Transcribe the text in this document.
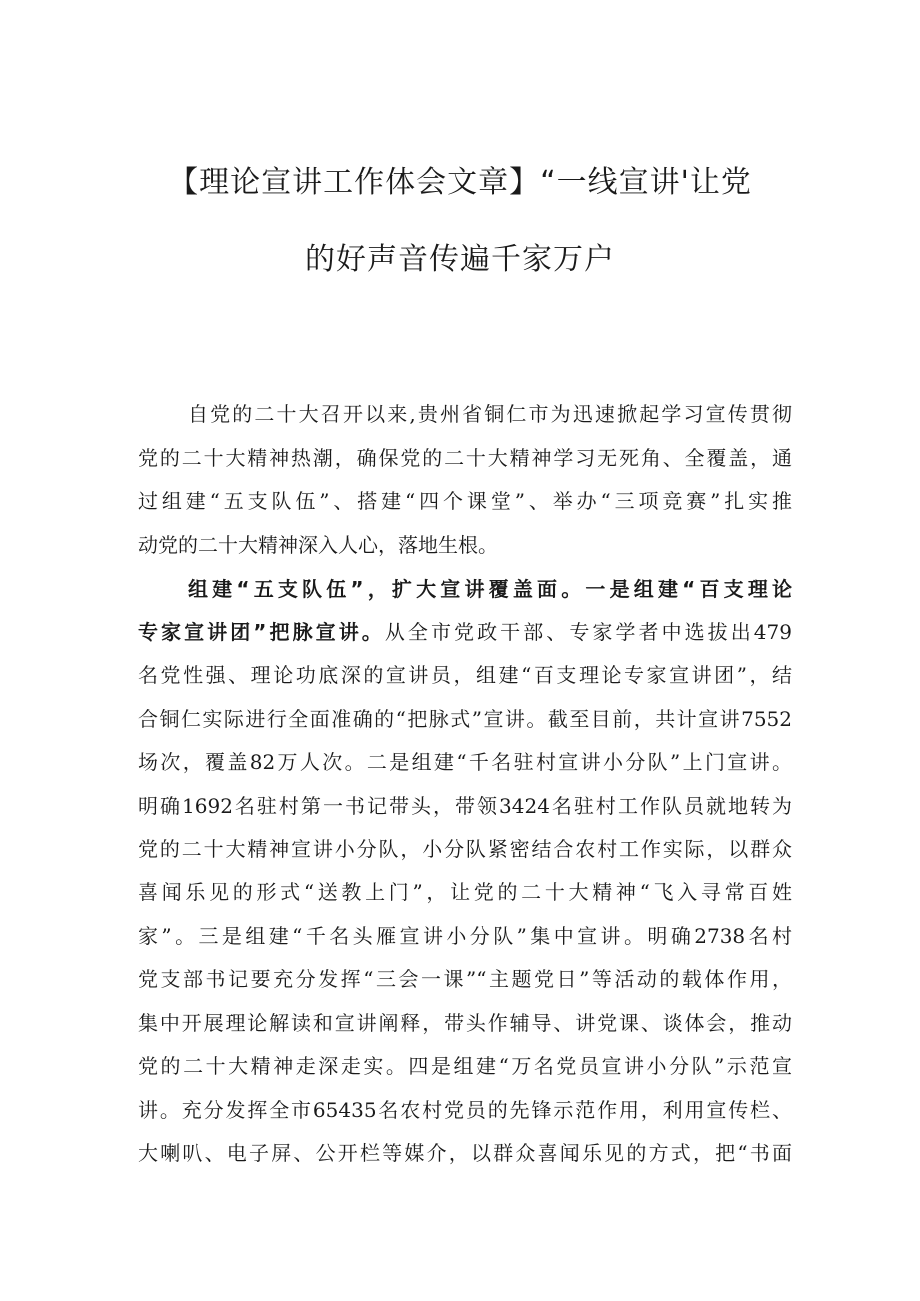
【理论宣讲工作体会文章】“一线宣讲'让党
的好声音传遍千家万户
自党的二十大召开以来,贵州省铜仁市为迅速掀起学习宣传贯彻
党的二十大精神热潮，确保党的二十大精神学习无死角、全覆盖，通
过组建“五支队伍”、搭建“四个课堂”、举办“三项竞赛”扎实推
动党的二十大精神深入人心，落地生根。
组建“五支队伍”，扩大宣讲覆盖面。一是组建“百支理论
专家宣讲团”把脉宣讲。从全市党政干部、专家学者中选拔出479
名党性强、理论功底深的宣讲员，组建“百支理论专家宣讲团”，结
合铜仁实际进行全面准确的“把脉式”宣讲。截至目前，共计宣讲7552
场次，覆盖82万人次。二是组建“千名驻村宣讲小分队”上门宣讲。
明确1692名驻村第一书记带头，带领3424名驻村工作队员就地转为
党的二十大精神宣讲小分队，小分队紧密结合农村工作实际，以群众
喜闻乐见的形式“送教上门”，让党的二十大精神“飞入寻常百姓
家”。三是组建“千名头雁宣讲小分队”集中宣讲。明确2738名村
党支部书记要充分发挥“三会一课”“主题党日”等活动的载体作用，
集中开展理论解读和宣讲阐释，带头作辅导、讲党课、谈体会，推动
党的二十大精神走深走实。四是组建“万名党员宣讲小分队”示范宣
讲。充分发挥全市65435名农村党员的先锋示范作用，利用宣传栏、
大喇叭、电子屏、公开栏等媒介，以群众喜闻乐见的方式，把“书面
